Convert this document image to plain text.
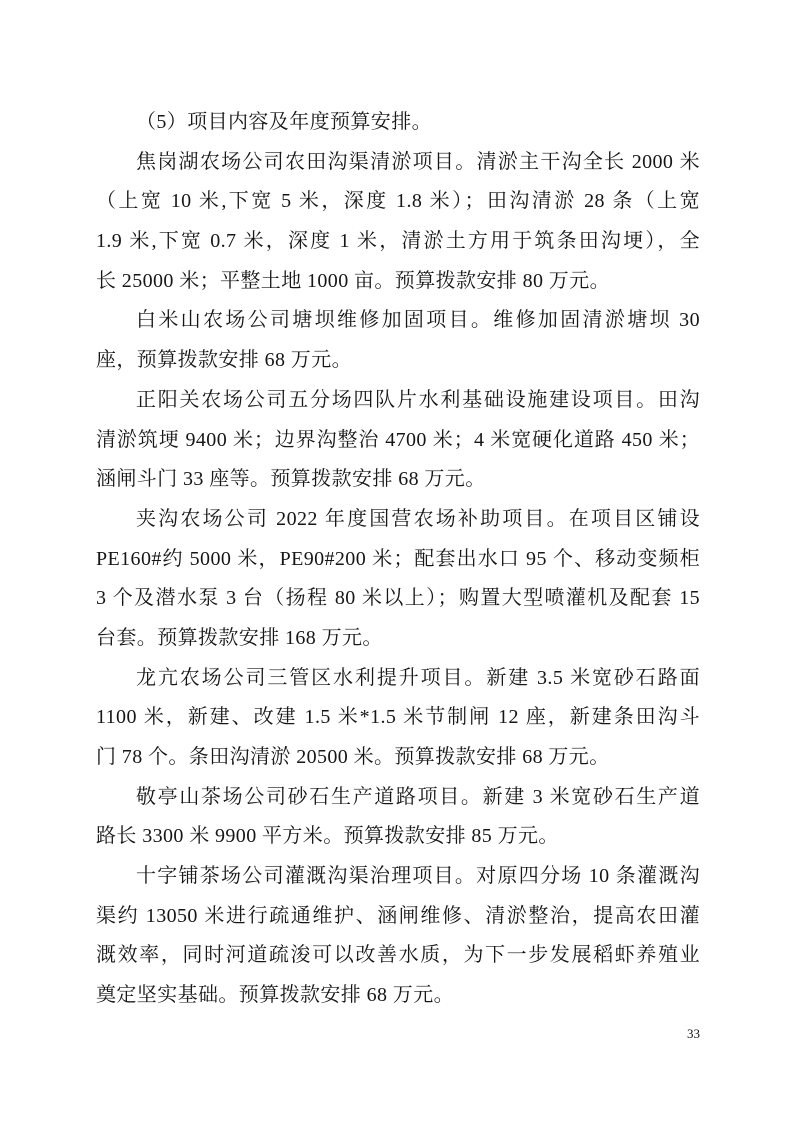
（5）项目内容及年度预算安排。

焦岗湖农场公司农田沟渠清淤项目。清淤主干沟全长 2000 米
（上宽 10 米,下宽 5 米，深度 1.8 米）；田沟清淤 28 条（上宽
1.9 米,下宽 0.7 米，深度 1 米，清淤土方用于筑条田沟埂），全
长 25000 米；平整土地 1000 亩。预算拨款安排 80 万元。

白米山农场公司塘坝维修加固项目。维修加固清淤塘坝 30
座，预算拨款安排 68 万元。

正阳关农场公司五分场四队片水利基础设施建设项目。田沟
清淤筑埂 9400 米；边界沟整治 4700 米；4 米宽硬化道路 450 米；
涵闸斗门 33 座等。预算拨款安排 68 万元。

夹沟农场公司 2022 年度国营农场补助项目。在项目区铺设
PE160#约 5000 米，PE90#200 米；配套出水口 95 个、移动变频柜
3 个及潜水泵 3 台（扬程 80 米以上）；购置大型喷灌机及配套 15
台套。预算拨款安排 168 万元。

龙亢农场公司三管区水利提升项目。新建 3.5 米宽砂石路面
1100 米，新建、改建 1.5 米*1.5 米节制闸 12 座，新建条田沟斗
门 78 个。条田沟清淤 20500 米。预算拨款安排 68 万元。

敬亭山茶场公司砂石生产道路项目。新建 3 米宽砂石生产道
路长 3300 米 9900 平方米。预算拨款安排 85 万元。

十字铺茶场公司灌溉沟渠治理项目。对原四分场 10 条灌溉沟
渠约 13050 米进行疏通维护、涵闸维修、清淤整治，提高农田灌
溉效率，同时河道疏浚可以改善水质，为下一步发展稻虾养殖业
奠定坚实基础。预算拨款安排 68 万元。

33
